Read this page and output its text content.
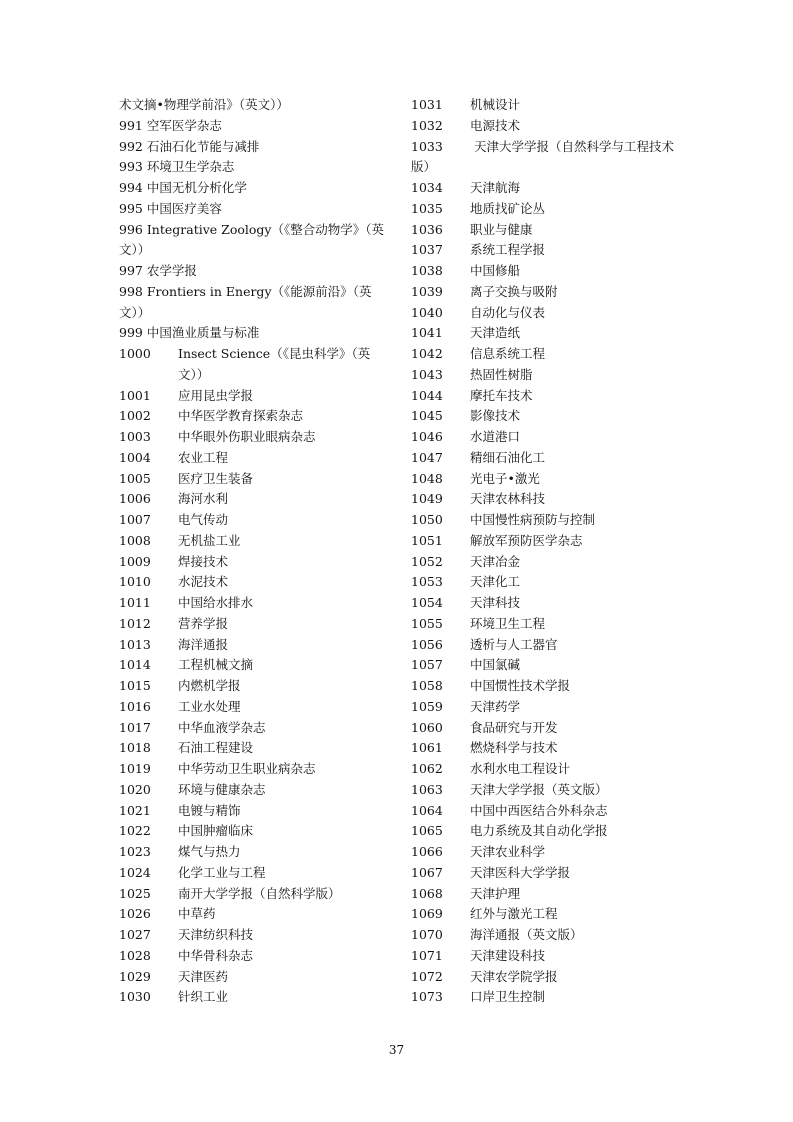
术文摘•物理学前沿》（英文））
991 空军医学杂志
992 石油石化节能与减排
993 环境卫生学杂志
994 中国无机分析化学
995 中国医疗美容
996 Integrative Zoology（《整合动物学》（英文））
997 农学学报
998 Frontiers in Energy（《能源前沿》（英文））
999 中国渔业质量与标准
1000 Insect Science（《昆虫科学》（英文））
1001 应用昆虫学报
1002 中华医学教育探索杂志
1003 中华眼外伤职业眼病杂志
1004 农业工程
1005 医疗卫生装备
1006 海河水利
1007 电气传动
1008 无机盐工业
1009 焊接技术
1010 水泥技术
1011 中国给水排水
1012 营养学报
1013 海洋通报
1014 工程机械文摘
1015 内燃机学报
1016 工业水处理
1017 中华血液学杂志
1018 石油工程建设
1019 中华劳动卫生职业病杂志
1020 环境与健康杂志
1021 电镀与精饰
1022 中国肿瘤临床
1023 煤气与热力
1024 化学工业与工程
1025 南开大学学报（自然科学版）
1026 中草药
1027 天津纺织科技
1028 中华骨科杂志
1029 天津医药
1030 针织工业
1031 机械设计
1032 电源技术
1033 天津大学学报（自然科学与工程技术版）
1034 天津航海
1035 地质找矿论丛
1036 职业与健康
1037 系统工程学报
1038 中国修船
1039 离子交换与吸附
1040 自动化与仪表
1041 天津造纸
1042 信息系统工程
1043 热固性树脂
1044 摩托车技术
1045 影像技术
1046 水道港口
1047 精细石油化工
1048 光电子•激光
1049 天津农林科技
1050 中国慢性病预防与控制
1051 解放军预防医学杂志
1052 天津冶金
1053 天津化工
1054 天津科技
1055 环境卫生工程
1056 透析与人工器官
1057 中国氯碱
1058 中国惯性技术学报
1059 天津药学
1060 食品研究与开发
1061 燃烧科学与技术
1062 水利水电工程设计
1063 天津大学学报（英文版）
1064 中国中西医结合外科杂志
1065 电力系统及其自动化学报
1066 天津农业科学
1067 天津医科大学学报
1068 天津护理
1069 红外与激光工程
1070 海洋通报（英文版）
1071 天津建设科技
1072 天津农学院学报
1073 口岸卫生控制
37
